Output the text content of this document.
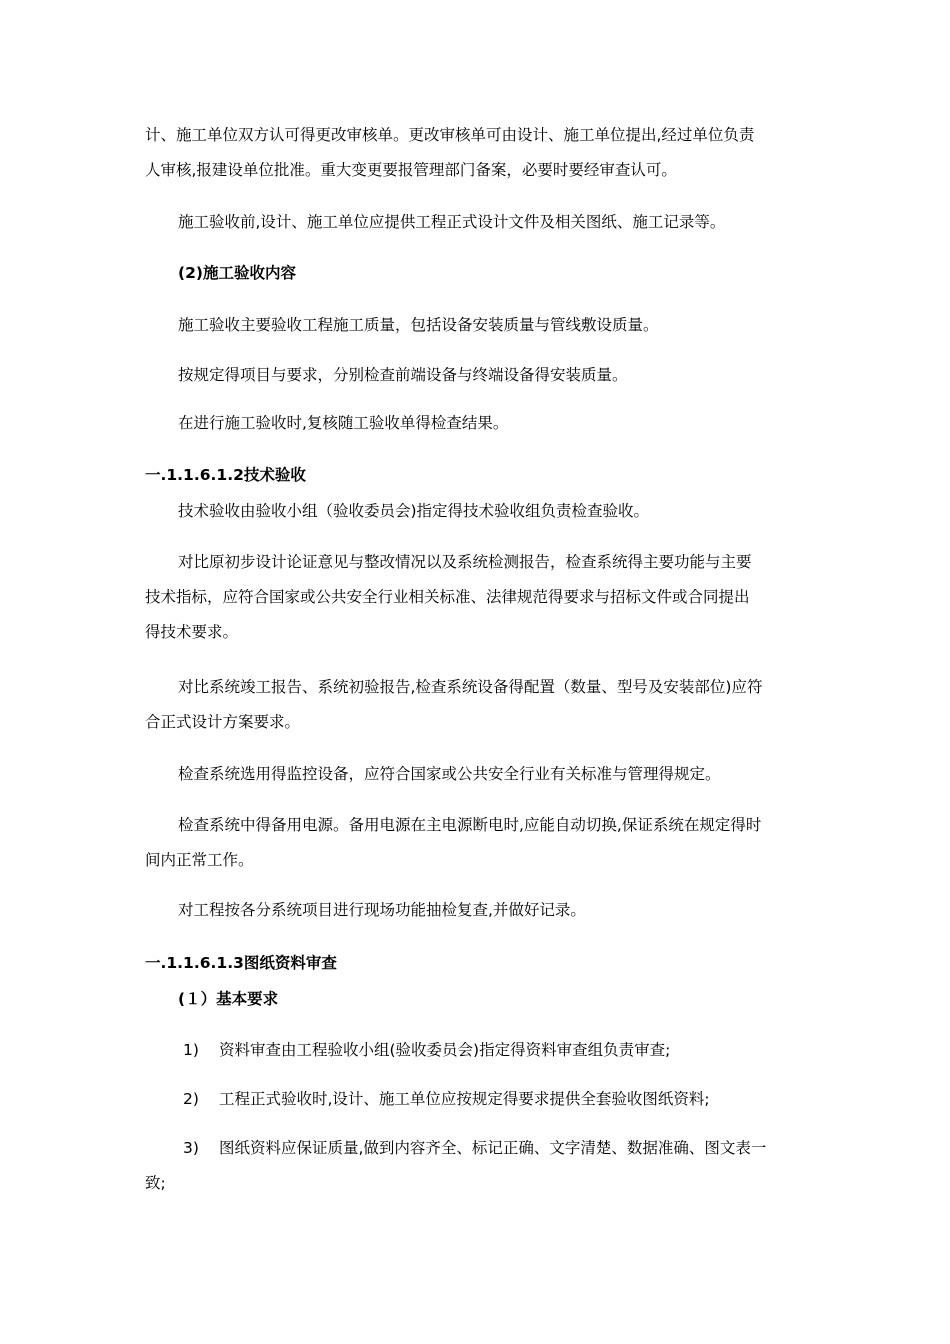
计、施工单位双方认可得更改审核单。更改审核单可由设计、施工单位提出,经过单位负责
人审核,报建设单位批准。重大变更要报管理部门备案，必要时要经审查认可。

施工验收前,设计、施工单位应提供工程正式设计文件及相关图纸、施工记录等。

(2)施工验收内容

施工验收主要验收工程施工质量，包括设备安装质量与管线敷设质量。

按规定得项目与要求，分别检查前端设备与终端设备得安装质量。

在进行施工验收时,复核随工验收单得检查结果。

一.1.1.6.1.2技术验收

技术验收由验收小组（验收委员会)指定得技术验收组负责检查验收。

对比原初步设计论证意见与整改情况以及系统检测报告，检查系统得主要功能与主要
技术指标，应符合国家或公共安全行业相关标准、法律规范得要求与招标文件或合同提出
得技术要求。

对比系统竣工报告、系统初验报告,检查系统设备得配置（数量、型号及安装部位)应符
合正式设计方案要求。

检查系统选用得监控设备，应符合国家或公共安全行业有关标准与管理得规定。

检查系统中得备用电源。备用电源在主电源断电时,应能自动切换,保证系统在规定得时
间内正常工作。

对工程按各分系统项目进行现场功能抽检复查,并做好记录。

一.1.1.6.1.3图纸资料审查

(１）基本要求

1) 资料审查由工程验收小组(验收委员会)指定得资料审查组负责审查;

2) 工程正式验收时,设计、施工单位应按规定得要求提供全套验收图纸资料;

3) 图纸资料应保证质量,做到内容齐全、标记正确、文字清楚、数据准确、图文表一
致;
